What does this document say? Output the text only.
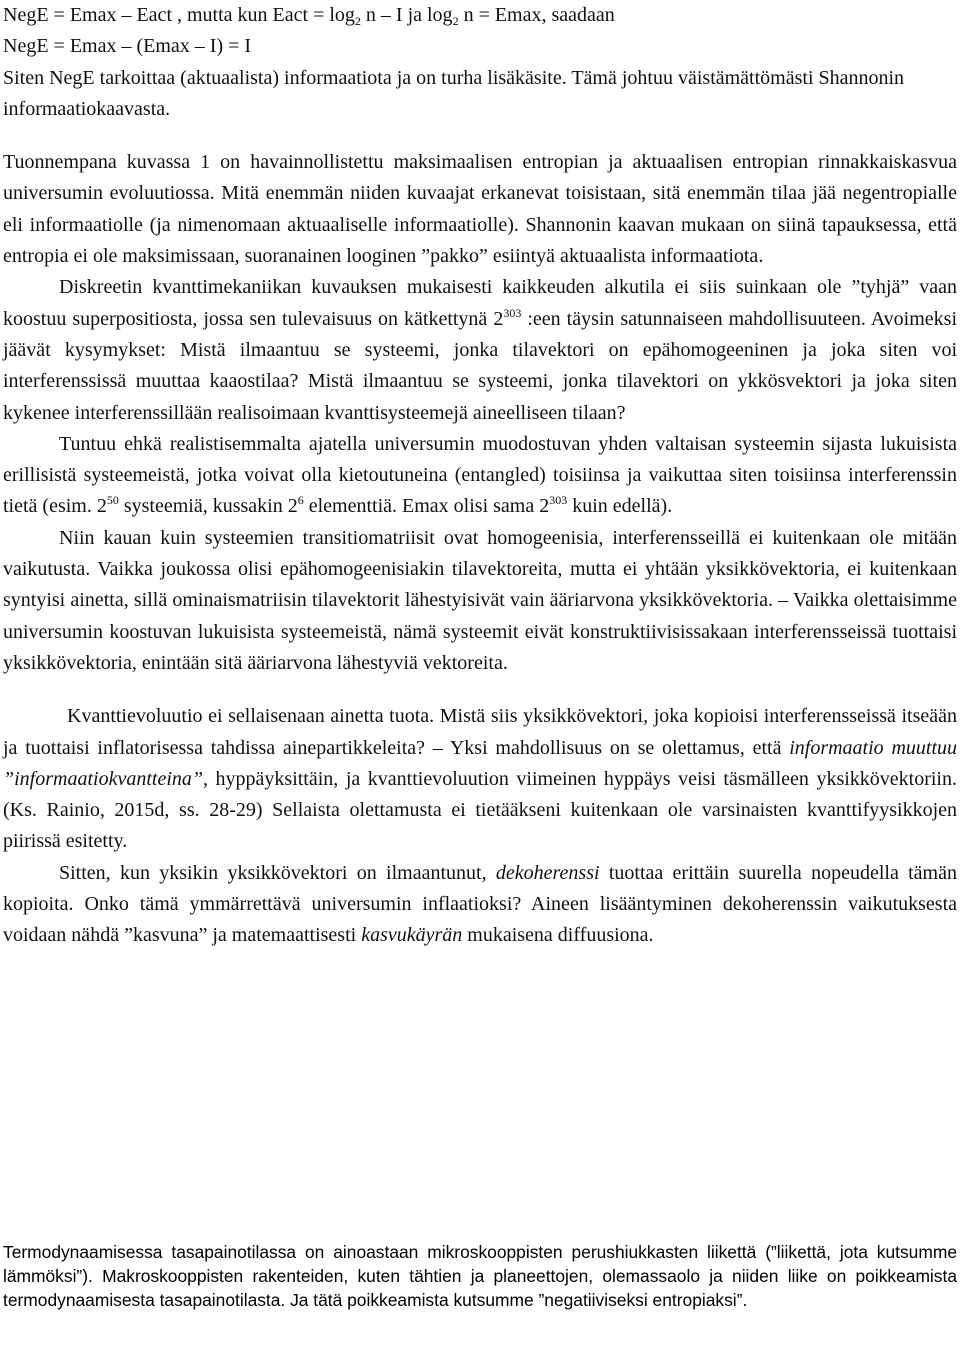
NegE = Emax – Eact , mutta kun Eact = $\log_2 n$ – I ja $\log_2 n = Emax$, saadaan

NegE = Emax – (Emax – I) = I

Siten NegE tarkoittaa (aktuaalista) informaatiota ja on turha lisäkäsite. Tämä johtuu väistämättömästi Shannonin informaatiokaavasta.

Tuonnempana kuvassa 1 on havainnollistettu maksimaalisen entropian ja aktuaalisen entropian rinnakkaiskasvua universumin evoluutiossa. Mitä enemmän niiden kuvaajat erkanevat toisistaan, sitä enemmän tilaa jää negentropialle eli informaatiolle (ja nimenomaan aktuaaliselle informaatiolle). Shannonin kaavan mukaan on siinä tapauksessa, että entropia ei ole maksimissaan, suoranainen looginen ”pakko” esiintyä aktuaalista informaatiota.

Diskreetin kvanttimekaniikan kuvauksen mukaisesti kaikkeuden alkutila ei siis suinkaan ole ”tyhjä” vaan koostuu superpositiosta, jossa sen tulevaisuus on kätkettynä $2^{303}$ :een täysin satunnaiseen mahdollisuuteen. Avoimeksi jäävät kysymykset: Mistä ilmaantuu se systeemi, jonka tilavektori on epähomogeeninen ja joka siten voi interferenssissä muuttaa kaaostilaa? Mistä ilmaantuu se systeemi, jonka tilavektori on ykkösvektori ja joka siten kykenee interferenssillään realisoimaan kvanttisysteemejä aineelliseen tilaan?

Tuntuu ehkä realistisemmalta ajatella universumin muodostuvan yhden valtaisan systeemin sijasta lukuisista erillisistä systeemeistä, jotka voivat olla kietoutuneina (entangled) toisiinsa ja vaikuttaa siten toisiinsa interferenssin tietä (esim. $2^{50}$ systeemiä, kussakin $2^6$ elementtiä. Emax olisi sama $2^{303}$ kuin edellä).

Niin kauan kuin systeemien transitiomatriisit ovat homogeenisia, interferensseillä ei kuitenkaan ole mitään vaikutusta. Vaikka joukossa olisi epähomogeenisiakin tilavektoreita, mutta ei yhtään yksikkövektoria, ei kuitenkaan syntyisi ainetta, sillä ominaismatriisin tilavektorit lähestyisivät vain ääriarvona yksikkövektoria. – Vaikka olettaisimme universumin koostuvan lukuisista systeemeistä, nämä systeemit eivät konstruktiivisissakaan interferensseissä tuottaisi yksikkövektoria, enintään sitä ääriarvona lähestyviä vektoreita.

Kvanttievoluutio ei sellaisenaan ainetta tuota. Mistä siis yksikkövektori, joka kopioisi interferensseissä itseään ja tuottaisi inflatorisessa tahdissa ainepartikkeleita? – Yksi mahdollisuus on se olettamus, että informaatio muuttuu ”informaatiokvantteina”, hyppäyksittäin, ja kvanttievoluution viimeinen hyppäys veisi täsmälleen yksikkövektoriin. (Ks. Rainio, 2015d, ss. 28-29) Sellaista olettamusta ei tietääkseni kuitenkaan ole varsinaisten kvanttifyysikkojen piirissä esitetty.

Sitten, kun yksikin yksikkövektori on ilmaantunut, dekoherenssi tuottaa erittäin suurella nopeudella tämän kopioita. Onko tämä ymmärrettävä universumin inflaatioksi? Aineen lisääntyminen dekoherenssin vaikutuksesta voidaan nähdä ”kasvuna” ja matemaattisesti kasvukäyrän mukaisena diffuusiona.

Termodynaamisessa tasapainotilassa on ainoastaan mikroskooppisten perushiukkasten liikettä (”liikettä, jota kutsumme lämmöksi”). Makroskooppisten rakenteiden, kuten tähtien ja planeettojen, olemassaolo ja niiden liike on poikkeamista termodynaamisesta tasapainotilasta. Ja tätä poikkeamista kutsumme ”negatiiviseksi entropiaksi”.
